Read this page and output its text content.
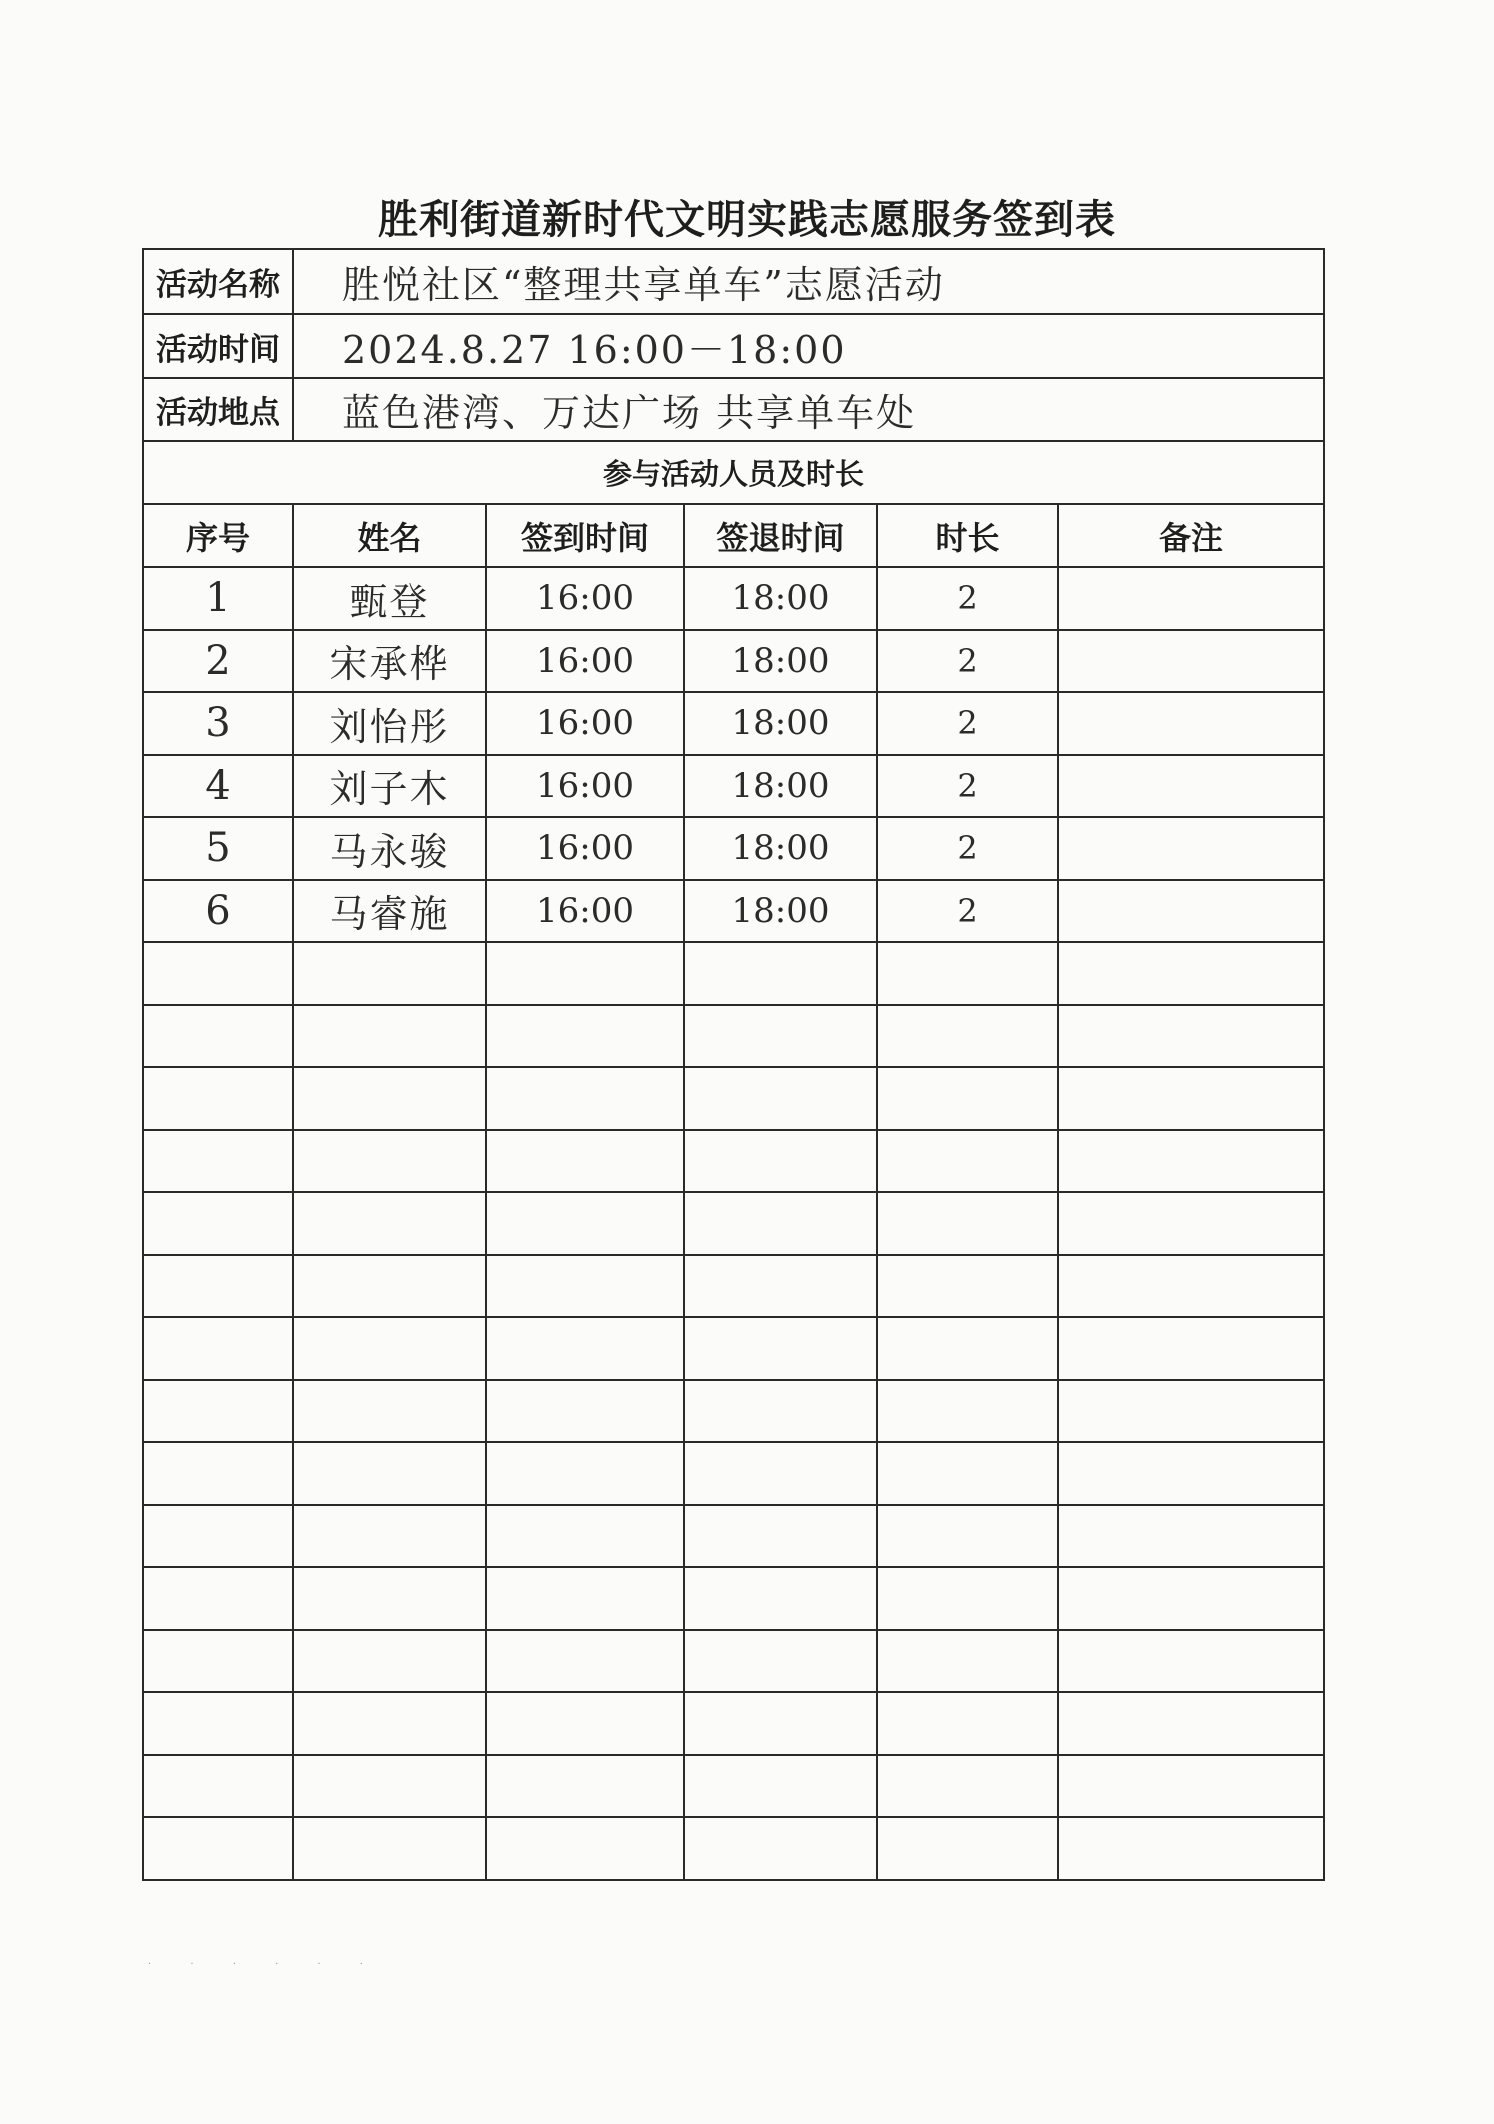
胜利街道新时代文明实践志愿服务签到表
活动名称	胜悦社区“整理共享单车”志愿活动				
活动时间	2024.8.27 16:00－18:00				
活动地点	蓝色港湾、万达广场 共享单车处				
参与活动人员及时长					
序号	姓名	签到时间	签退时间	时长	备注
1	甄登	16:00	18:00	2	
2	宋承桦	16:00	18:00	2	
3	刘怡彤	16:00	18:00	2	
4	刘子木	16:00	18:00	2	
5	马永骏	16:00	18:00	2	
6	马睿施	16:00	18:00	2	

. . . . . .
